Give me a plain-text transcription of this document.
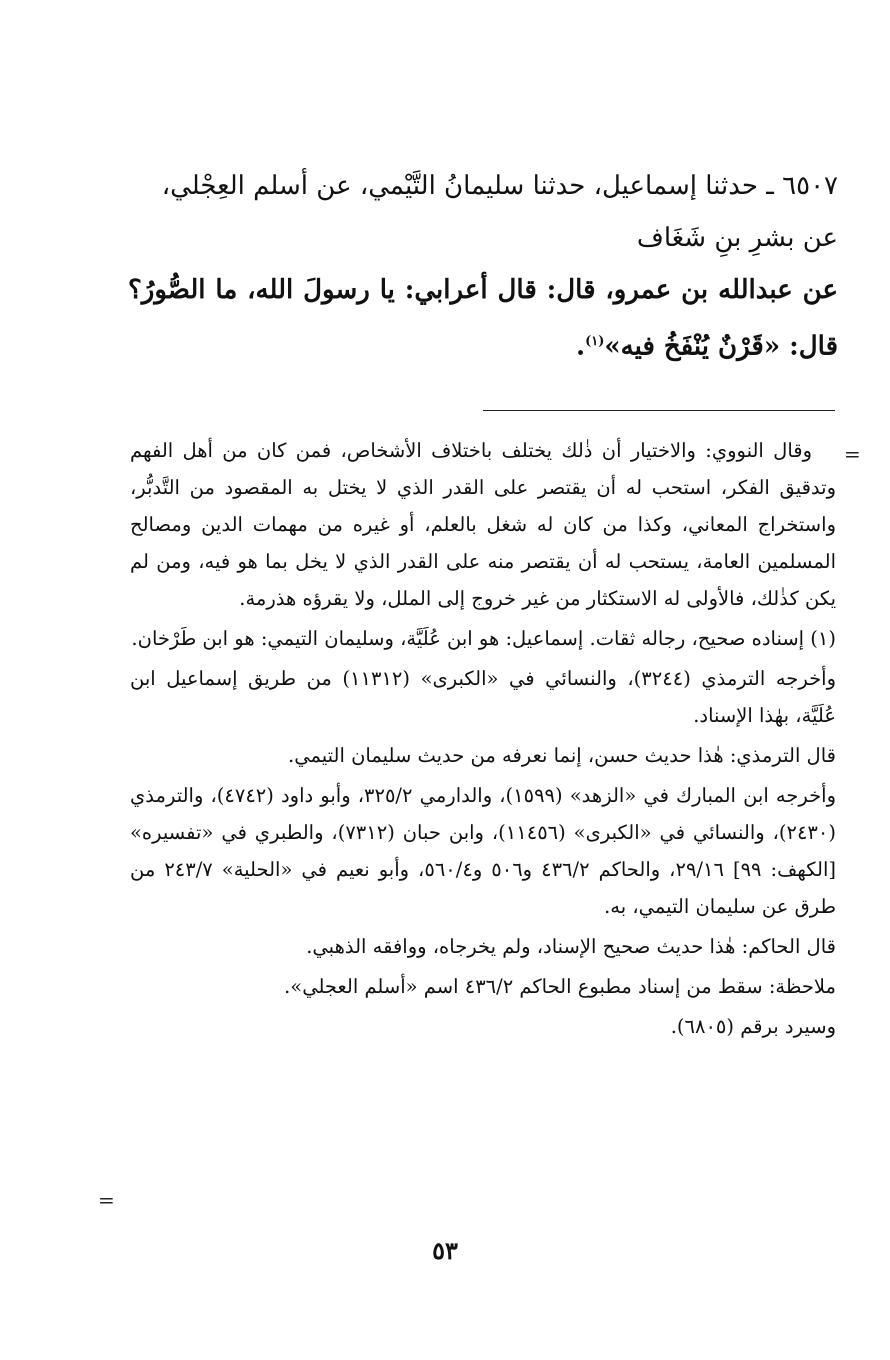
٦٥٠٧ ـ حدثنا إسماعيل، حدثنا سليمانُ التَّيْمي، عن أسلم العِجْلي،
عن بشرِ بنِ شَغَاف

عن عبدالله بن عمرو، قال: قال أعرابي: يا رسولَ الله، ما الصُّورُ؟ قال: «قَرْنٌ يُنْفَخُ فيه»$^{(١)}$.

=

وقال النووي: والاختيار أن ذٰلك يختلف باختلاف الأشخاص، فمن كان من أهل الفهم وتدقيق الفكر، استحب له أن يقتصر على القدر الذي لا يختل به المقصود من التَّدبُّر، واستخراج المعاني، وكذا من كان له شغل بالعلم، أو غيره من مهمات الدين ومصالح المسلمين العامة، يستحب له أن يقتصر منه على القدر الذي لا يخل بما هو فيه، ومن لم يكن كذٰلك، فالأولى له الاستكثار من غير خروج إلى الملل، ولا يقرؤه هذرمة.

(١) إسناده صحيح، رجاله ثقات. إسماعيل: هو ابن عُلَيَّة، وسليمان التيمي: هو ابن طَرْخان.

وأخرجه الترمذي (٣٢٤٤)، والنسائي في «الكبرى» (١١٣١٢) من طريق إسماعيل ابن عُلَيَّة، بهٰذا الإسناد.

قال الترمذي: هٰذا حديث حسن، إنما نعرفه من حديث سليمان التيمي.

وأخرجه ابن المبارك في «الزهد» (١٥٩٩)، والدارمي ٣٢٥/٢، وأبو داود (٤٧٤٢)، والترمذي (٢٤٣٠)، والنسائي في «الكبرى» (١١٤٥٦)، وابن حبان (٧٣١٢)، والطبري في «تفسيره» [الكهف: ٩٩] ٢٩/١٦، والحاكم ٤٣٦/٢ و٥٠٦ و٥٦٠/٤، وأبو نعيم في «الحلية» ٢٤٣/٧ من طرق عن سليمان التيمي، به.

قال الحاكم: هٰذا حديث صحيح الإسناد، ولم يخرجاه، ووافقه الذهبي.

ملاحظة: سقط من إسناد مطبوع الحاكم ٤٣٦/٢ اسم «أسلم العجلي».

وسيرد برقم (٦٨٠٥).

=
٥٣
